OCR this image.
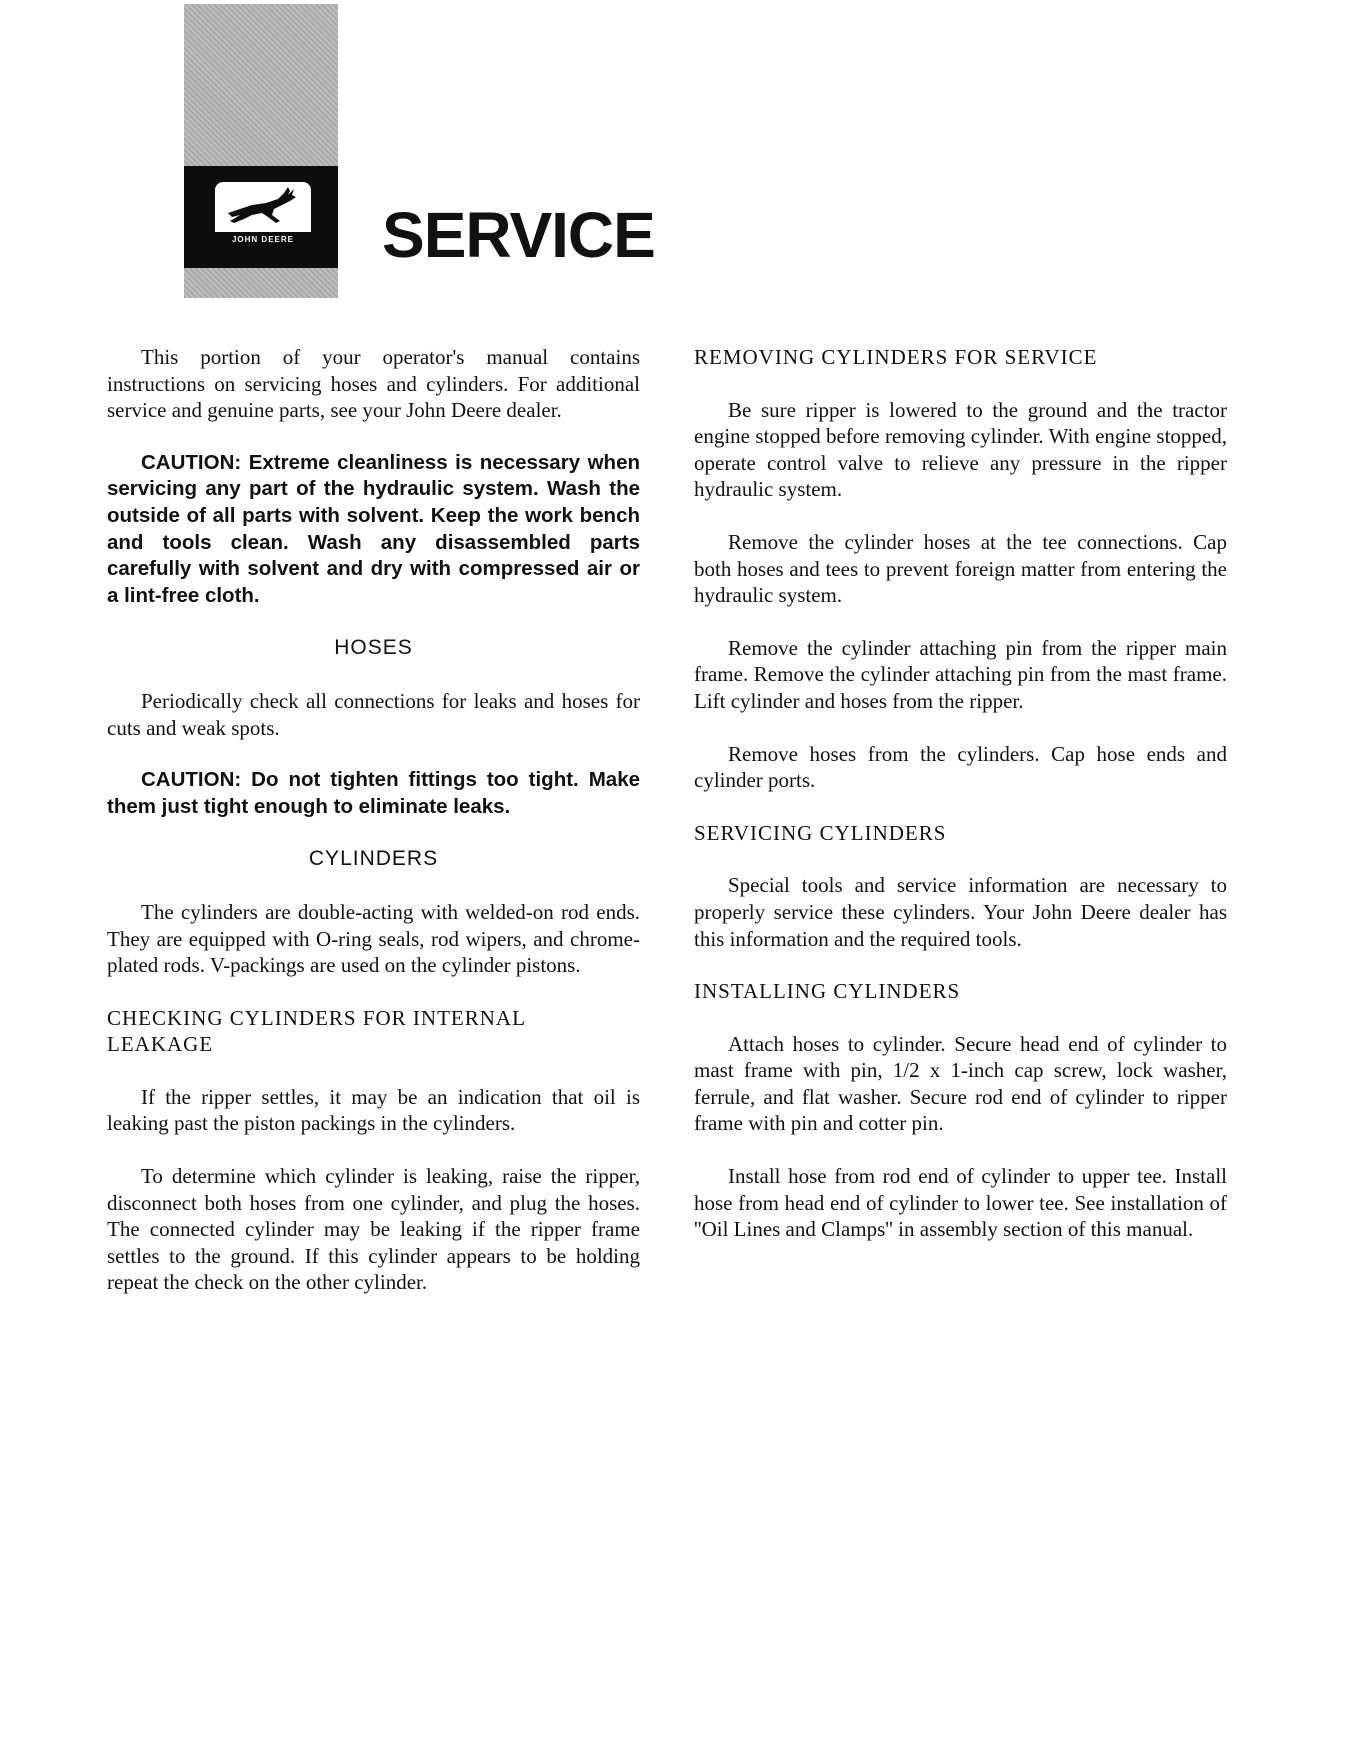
JOHN DEERE SERVICE

This portion of your operator's manual contains instructions on servicing hoses and cylinders. For additional service and genuine parts, see your John Deere dealer.

CAUTION: Extreme cleanliness is necessary when servicing any part of the hydraulic system. Wash the outside of all parts with solvent. Keep the work bench and tools clean. Wash any disassembled parts carefully with solvent and dry with compressed air or a lint-free cloth.

HOSES

Periodically check all connections for leaks and hoses for cuts and weak spots.

CAUTION: Do not tighten fittings too tight. Make them just tight enough to eliminate leaks.

CYLINDERS

The cylinders are double-acting with welded-on rod ends. They are equipped with O-ring seals, rod wipers, and chrome-plated rods. V-packings are used on the cylinder pistons.

CHECKING CYLINDERS FOR INTERNAL LEAKAGE

If the ripper settles, it may be an indication that oil is leaking past the piston packings in the cylinders.

To determine which cylinder is leaking, raise the ripper, disconnect both hoses from one cylinder, and plug the hoses. The connected cylinder may be leaking if the ripper frame settles to the ground. If this cylinder appears to be holding repeat the check on the other cylinder.

REMOVING CYLINDERS FOR SERVICE

Be sure ripper is lowered to the ground and the tractor engine stopped before removing cylinder. With engine stopped, operate control valve to relieve any pressure in the ripper hydraulic system.

Remove the cylinder hoses at the tee connections. Cap both hoses and tees to prevent foreign matter from entering the hydraulic system.

Remove the cylinder attaching pin from the ripper main frame. Remove the cylinder attaching pin from the mast frame. Lift cylinder and hoses from the ripper.

Remove hoses from the cylinders. Cap hose ends and cylinder ports.

SERVICING CYLINDERS

Special tools and service information are necessary to properly service these cylinders. Your John Deere dealer has this information and the required tools.

INSTALLING CYLINDERS

Attach hoses to cylinder. Secure head end of cylinder to mast frame with pin, 1/2 x 1-inch cap screw, lock washer, ferrule, and flat washer. Secure rod end of cylinder to ripper frame with pin and cotter pin.

Install hose from rod end of cylinder to upper tee. Install hose from head end of cylinder to lower tee. See installation of ''Oil Lines and Clamps'' in assembly section of this manual.
